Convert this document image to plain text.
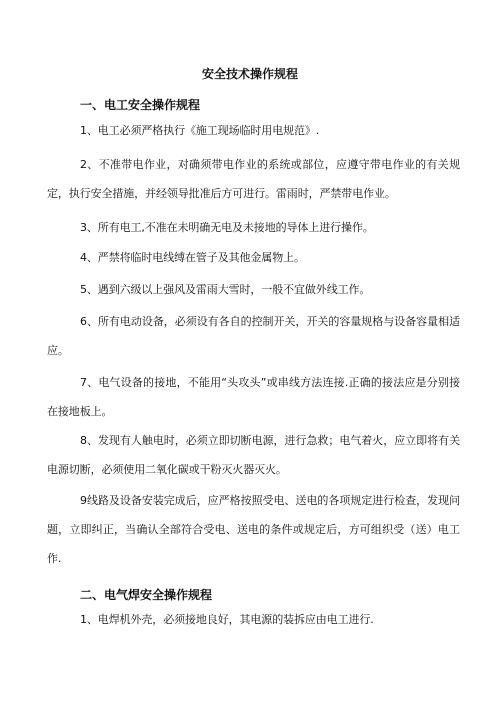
安全技术操作规程
一、电工安全操作规程
1、电工必须严格执行《施工现场临时用电规范》.
2、不准带电作业，对确须带电作业的系统或部位，应遵守带电作业的有关规定，执行安全措施，并经领导批准后方可进行。雷雨时，严禁带电作业。
3、所有电工,不准在未明确无电及未接地的导体上进行操作。
4、严禁将临时电线缚在管子及其他金属物上。
5、遇到六级以上强风及雷雨大雪时，一般不宜做外线工作。
6、所有电动设备，必须设有各自的控制开关，开关的容量规格与设备容量相适应。
7、电气设备的接地，不能用“头攻头”或串线方法连接.正确的接法应是分别接在接地板上。
8、发现有人触电时，必须立即切断电源，进行急救；电气着火，应立即将有关电源切断，必须使用二氧化碳或干粉灭火器灭火。
9线路及设备安装完成后，应严格按照受电、送电的各项规定进行检查，发现问题，立即纠正，当确认全部符合受电、送电的条件或规定后，方可组织受（送）电工作.
二、电气焊安全操作规程
1、电焊机外壳，必须接地良好，其电源的装拆应由电工进行.
